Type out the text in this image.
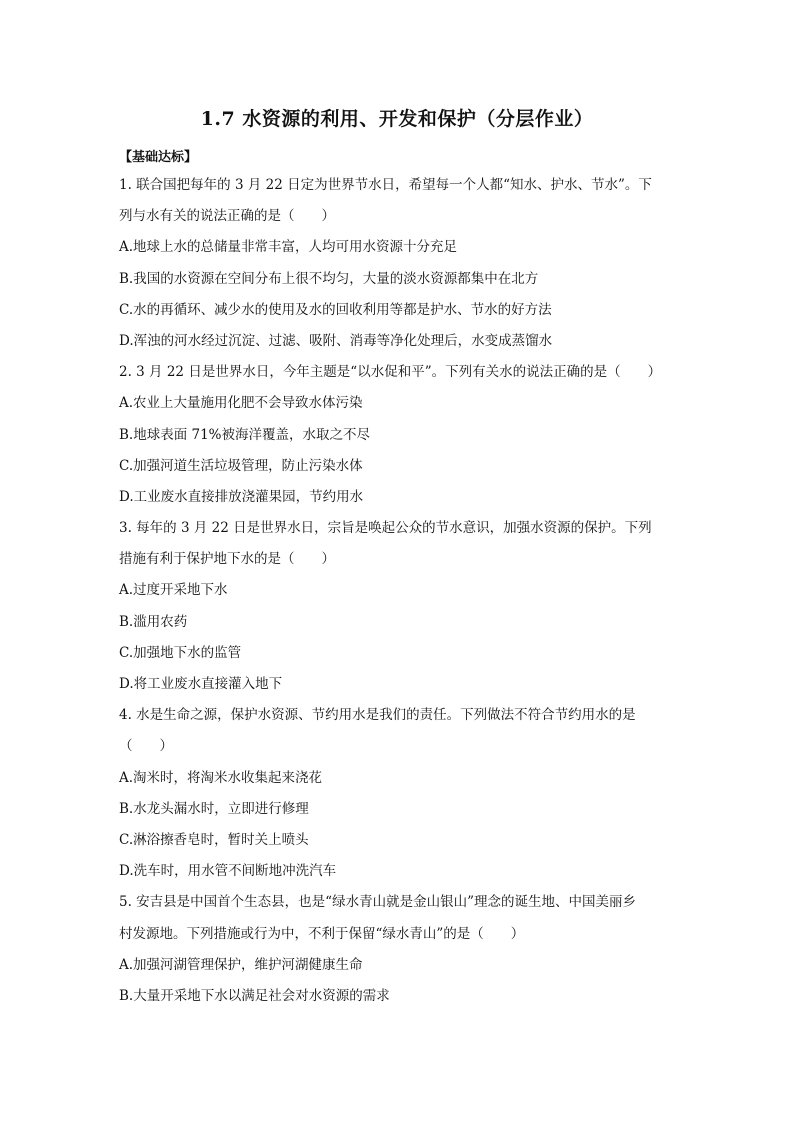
1.7 水资源的利用、开发和保护（分层作业）
【基础达标】
1. 联合国把每年的 3 月 22 日定为世界节水日，希望每一个人都“知水、护水、节水”。下
列与水有关的说法正确的是（　　）
A.地球上水的总储量非常丰富，人均可用水资源十分充足
B.我国的水资源在空间分布上很不均匀，大量的淡水资源都集中在北方
C.水的再循环、减少水的使用及水的回收利用等都是护水、节水的好方法
D.浑浊的河水经过沉淀、过滤、吸附、消毒等净化处理后，水变成蒸馏水
2. 3 月 22 日是世界水日，今年主题是“以水促和平”。下列有关水的说法正确的是（　　）
A.农业上大量施用化肥不会导致水体污染
B.地球表面 71%被海洋覆盖，水取之不尽
C.加强河道生活垃圾管理，防止污染水体
D.工业废水直接排放浇灌果园，节约用水
3. 每年的 3 月 22 日是世界水日，宗旨是唤起公众的节水意识，加强水资源的保护。下列
措施有利于保护地下水的是（　　）
A.过度开采地下水
B.滥用农药
C.加强地下水的监管
D.将工业废水直接灌入地下
4. 水是生命之源，保护水资源、节约用水是我们的责任。下列做法不符合节约用水的是
（　　）
A.淘米时，将淘米水收集起来浇花
B.水龙头漏水时，立即进行修理
C.淋浴擦香皂时，暂时关上喷头
D.洗车时，用水管不间断地冲洗汽车
5. 安吉县是中国首个生态县，也是“绿水青山就是金山银山”理念的诞生地、中国美丽乡
村发源地。下列措施或行为中，不利于保留“绿水青山”的是（　　）
A.加强河湖管理保护，维护河湖健康生命
B.大量开采地下水以满足社会对水资源的需求
